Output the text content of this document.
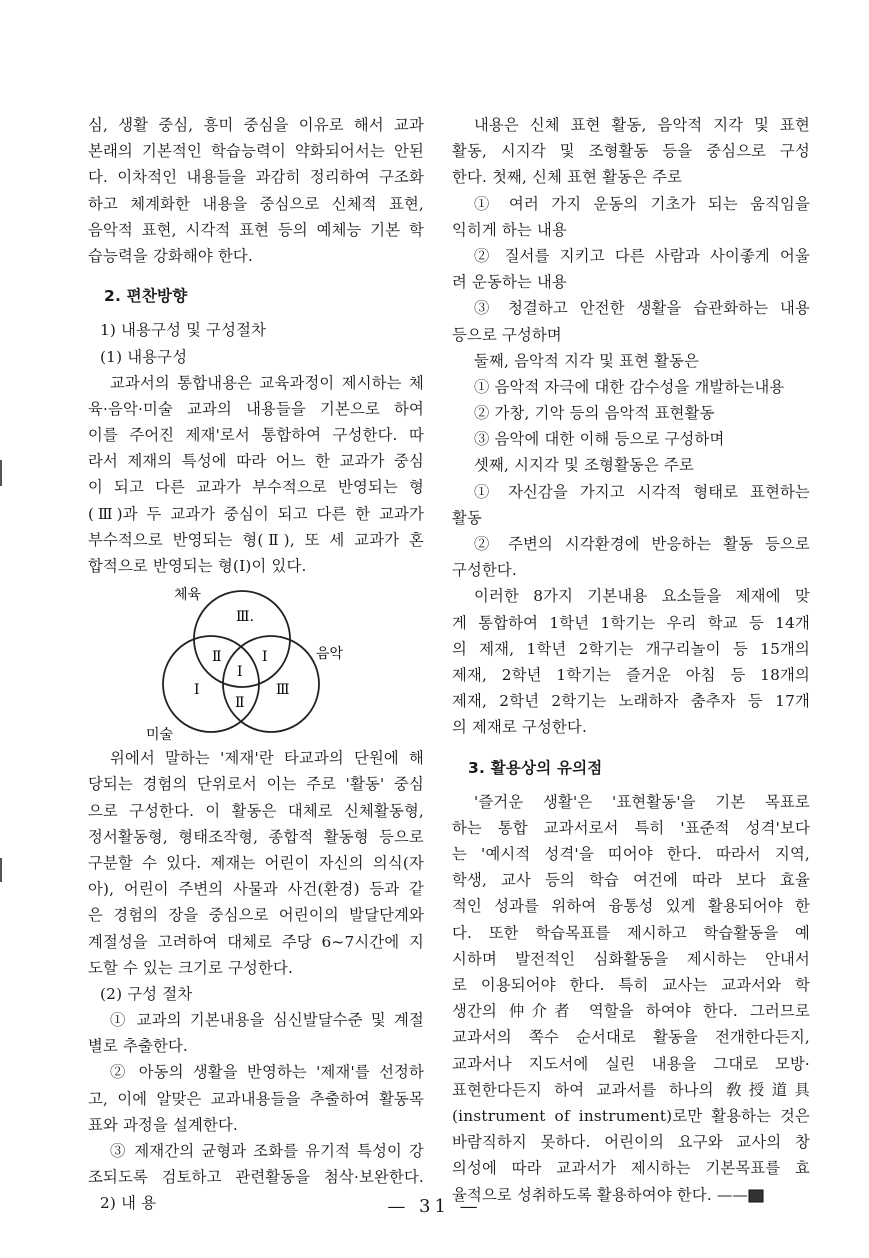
심, 생활 중심, 흥미 중심을 이유로 해서 교과
본래의 기본적인 학습능력이 약화되어서는 안된
다. 이차적인 내용들을 과감히 정리하여 구조화
하고 체계화한 내용을 중심으로 신체적 표현,
음악적 표현, 시각적 표현 등의 예체능 기본 학
습능력을 강화해야 한다.
2. 편찬방향
1) 내용구성 및 구성절차
(1) 내용구성
교과서의 통합내용은 교육과정이 제시하는 체
육·음악·미술 교과의 내용들을 기본으로 하여
이를 주어진 제재'로서 통합하여 구성한다. 따
라서 제재의 특성에 따라 어느 한 교과가 중심
이 되고 다른 교과가 부수적으로 반영되는 형
(Ⅲ)과 두 교과가 중심이 되고 다른 한 교과가
부수적으로 반영되는 형(Ⅱ), 또 세 교과가 혼
합적으로 반영되는 형(Ⅰ)이 있다.
체육
음악
미술
Ⅲ.
Ⅱ	Ⅰ
Ⅰ
Ⅰ
Ⅱ
Ⅲ
위에서 말하는 '제재'란 타교과의 단원에 해
당되는 경험의 단위로서 이는 주로 '활동' 중심
으로 구성한다. 이 활동은 대체로 신체활동형,
정서활동형, 형태조작형, 종합적 활동형 등으로
구분할 수 있다. 제재는 어린이 자신의 의식(자
아), 어린이 주변의 사물과 사건(환경) 등과 같
은 경험의 장을 중심으로 어린이의 발달단계와
계절성을 고려하여 대체로 주당 6~7시간에 지
도할 수 있는 크기로 구성한다.
(2) 구성 절차
① 교과의 기본내용을 심신발달수준 및 계절
별로 추출한다.
② 아동의 생활을 반영하는 '제재'를 선정하
고, 이에 알맞은 교과내용들을 추출하여 활동목
표와 과정을 설계한다.
③ 제재간의 균형과 조화를 유기적 특성이 강
조되도록 검토하고 관련활동을 첨삭·보완한다.
2) 내 용
내용은 신체 표현 활동, 음악적 지각 및 표현
활동, 시지각 및 조형활동 등을 중심으로 구성
한다. 첫째, 신체 표현 활동은 주로
① 여러 가지 운동의 기초가 되는 움직임을
익히게 하는 내용
② 질서를 지키고 다른 사람과 사이좋게 어울
려 운동하는 내용
③ 청결하고 안전한 생활을 습관화하는 내용
등으로 구성하며
둘째, 음악적 지각 및 표현 활동은
① 음악적 자극에 대한 감수성을 개발하는내용
② 가창, 기악 등의 음악적 표현활동
③ 음악에 대한 이해 등으로 구성하며
셋째, 시지각 및 조형활동은 주로
① 자신감을 가지고 시각적 형태로 표현하는
활동
② 주변의 시각환경에 반응하는 활동 등으로
구성한다.
이러한 8가지 기본내용 요소들을 제재에 맞
게 통합하여 1학년 1학기는 우리 학교 등 14개
의 제재, 1학년 2학기는 개구리놀이 등 15개의
제재, 2학년 1학기는 즐거운 아침 등 18개의
제재, 2학년 2학기는 노래하자 춤추자 등 17개
의 제재로 구성한다.
3. 활용상의 유의점
'즐거운 생활'은 '표현활동'을 기본 목표로
하는 통합 교과서로서 특히 '표준적 성격'보다
는 '예시적 성격'을 띠어야 한다. 따라서 지역,
학생, 교사 등의 학습 여건에 따라 보다 효율
적인 성과를 위하여 융통성 있게 활용되어야 한
다. 또한 학습목표를 제시하고 학습활동을 예
시하며 발전적인 심화활동을 제시하는 안내서
로 이용되어야 한다. 특히 교사는 교과서와 학
생간의 仲介者 역할을 하여야 한다. 그러므로
교과서의 쪽수 순서대로 활동을 전개한다든지,
교과서나 지도서에 실린 내용을 그대로 모방·
표현한다든지 하여 교과서를 하나의 敎授道具
(instrument of instrument)로만 활용하는 것은
바람직하지 못하다. 어린이의 요구와 교사의 창
의성에 따라 교과서가 제시하는 기본목표를 효
율적으로 성취하도록 활용하여야 한다. ——
— 31 —
